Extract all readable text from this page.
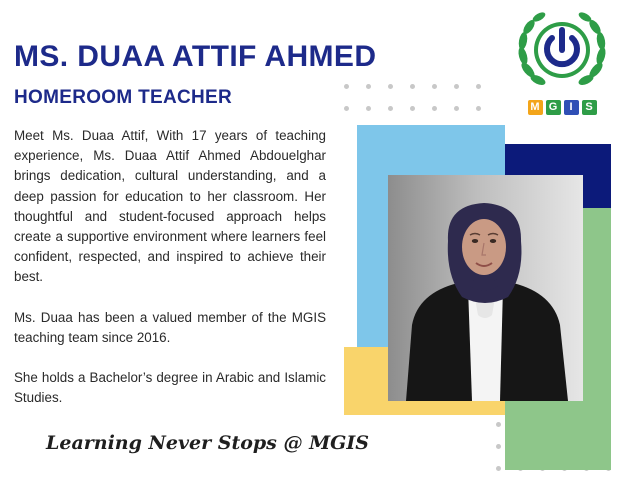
MS. DUAA ATTIF AHMED
HOMEROOM TEACHER

Meet Ms. Duaa Attif, With 17 years of teaching experience, Ms. Duaa Attif Ahmed Abdouelghar brings dedication, cultural understanding, and a deep passion for education to her classroom. Her thoughtful and student-focused approach helps create a supportive environment where learners feel confident, respected, and inspired to achieve their best.

Ms. Duaa has been a valued member of the MGIS teaching team since 2016.

She holds a Bachelor’s degree in Arabic and Islamic Studies.

Learning Never Stops @ MGIS
M G	I	S
